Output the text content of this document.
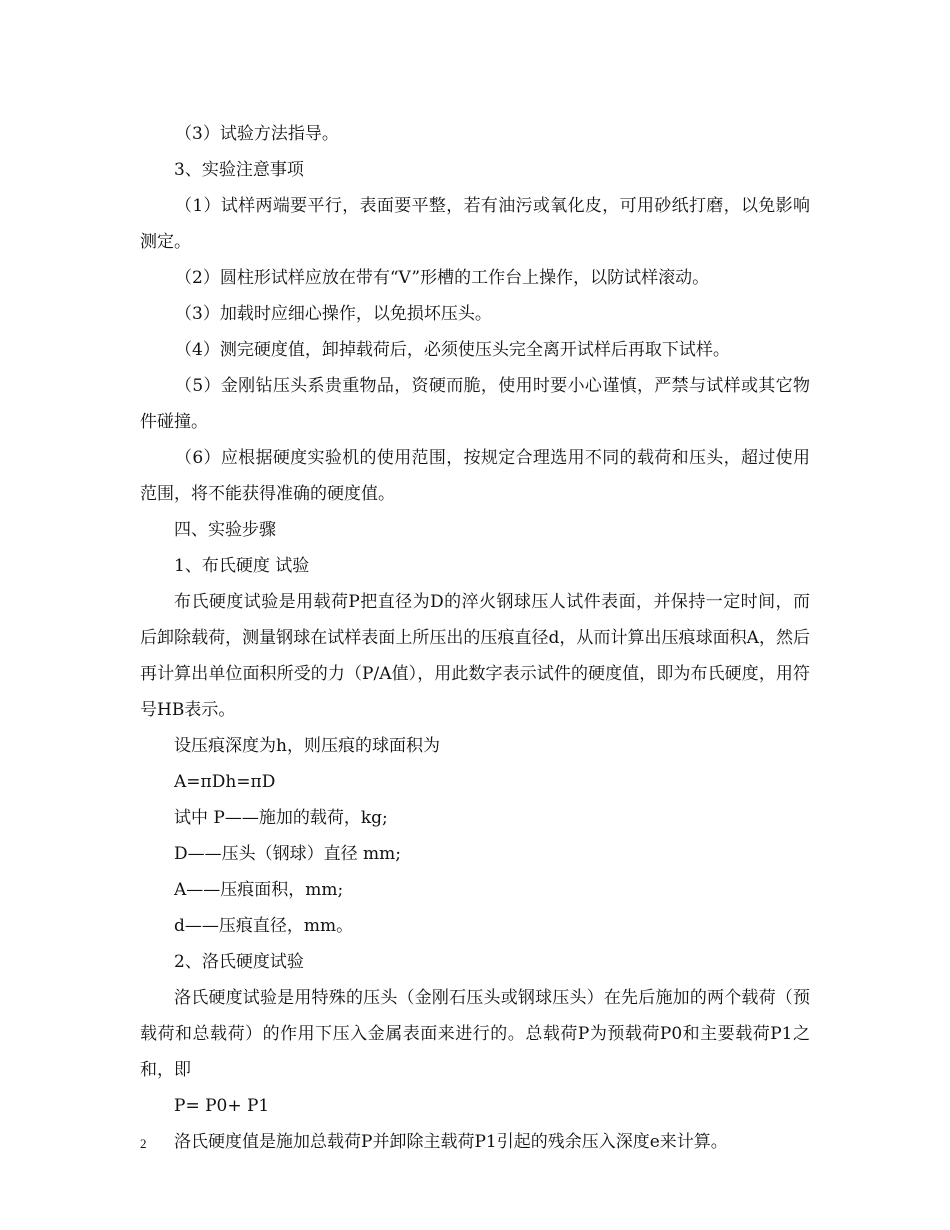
（3）试验方法指导。

3、实验注意事项

（1）试样两端要平行，表面要平整，若有油污或氧化皮，可用砂纸打磨，以免影响测定。

（2）圆柱形试样应放在带有“V”形槽的工作台上操作，以防试样滚动。

（3）加载时应细心操作，以免损坏压头。

（4）测完硬度值，卸掉载荷后，必须使压头完全离开试样后再取下试样。

（5）金刚钻压头系贵重物品，资硬而脆，使用时要小心谨慎，严禁与试样或其它物件碰撞。

（6）应根据硬度实验机的使用范围，按规定合理选用不同的载荷和压头，超过使用范围，将不能获得准确的硬度值。

四、实验步骤

1、布氏硬度 试验

布氏硬度试验是用载荷P把直径为D的淬火钢球压人试件表面，并保持一定时间，而后卸除载荷，测量钢球在试样表面上所压出的压痕直径d，从而计算出压痕球面积A，然后再计算出单位面积所受的力（P/A值），用此数字表示试件的硬度值，即为布氏硬度，用符号HB表示。

设压痕深度为h，则压痕的球面积为

A=πDh=πD

试中 P——施加的载荷，kg;

D——压头（钢球）直径 mm;

A——压痕面积，mm;

d——压痕直径，mm。

2、洛氏硬度试验

洛氏硬度试验是用特殊的压头（金刚石压头或钢球压头）在先后施加的两个载荷（预载荷和总载荷）的作用下压入金属表面来进行的。总载荷P为预载荷P0和主要载荷P1之和，即

P= P0+ P1

洛氏硬度值是施加总载荷P并卸除主载荷P1引起的残余压入深度e来计算。

2
